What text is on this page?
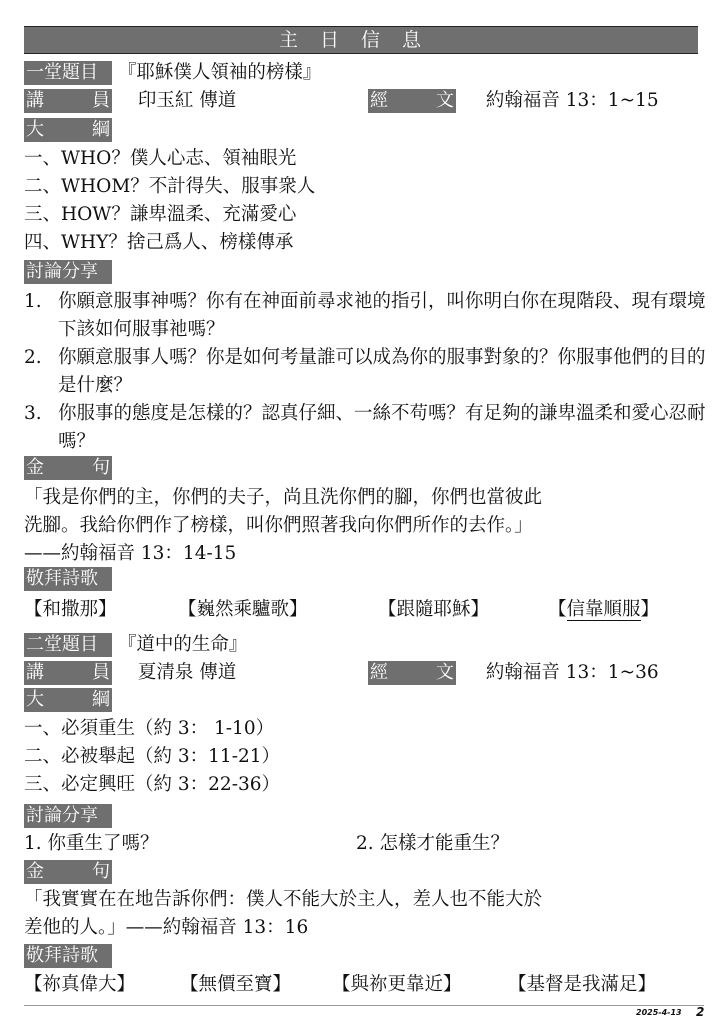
主日信息
一堂題目 『耶穌僕人領袖的榜樣』
講　員 印玉紅 傳道	經　文 約翰福音 13：1~15
大　綱
一、WHO？僕人心志、領袖眼光
二、WHOM？不計得失、服事衆人
三、HOW？謙卑溫柔、充滿愛心
四、WHY？捨己爲人、榜樣傳承
討論分享
1. 你願意服事神嗎？你有在神面前尋求祂的指引，叫你明白你在現階段、現有環境下該如何服事祂嗎？
2. 你願意服事人嗎？你是如何考量誰可以成為你的服事對象的？你服事他們的目的是什麼？
3. 你服事的態度是怎樣的？認真仔細、一絲不苟嗎？有足夠的謙卑溫柔和愛心忍耐嗎？
金　句
「我是你們的主，你們的夫子，尚且洗你們的腳，你們也當彼此
洗腳。我給你們作了榜樣，叫你們照著我向你們所作的去作。」
——約翰福音 13：14-15
敬拜詩歌
【和撒那】	【巍然乘驢歌】	【跟隨耶穌】	【信靠順服】
二堂題目 『道中的生命』
講　員 夏清泉 傳道	經　文 約翰福音 13：1~36
大　綱
一、必須重生（約 3： 1-10）
二、必被舉起（約 3：11-21）
三、必定興旺（約 3：22-36）
討論分享
1. 你重生了嗎？	2. 怎樣才能重生？
金　句
「我實實在在地告訴你們：僕人不能大於主人，差人也不能大於
差他的人。」——約翰福音 13：16
敬拜詩歌
【祢真偉大】 【無價至寶】 【與祢更靠近】	【基督是我滿足】
2025-4-13 2
